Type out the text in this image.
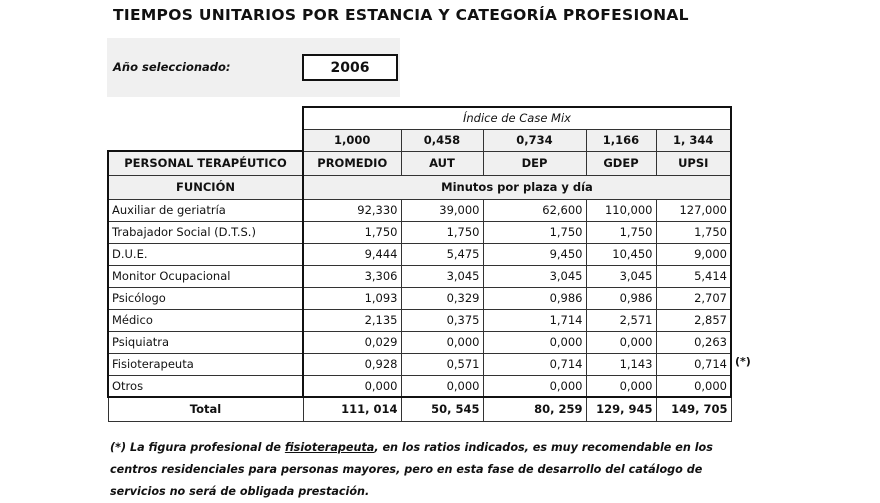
TIEMPOS UNITARIOS POR ESTANCIA Y CATEGORÍA PROFESIONAL
Año seleccionado:	2006
	Índice de Case Mix				
	1,000	0,458	0,734	1,166	1, 344
PERSONAL TERAPÉUTICO	PROMEDIO	AUT	DEP	GDEP	UPSI
FUNCIÓN	Minutos por plaza y día				
Auxiliar de geriatría	92,330	39,000	62,600	110,000	127,000
Trabajador Social (D.T.S.)	1,750	1,750	1,750	1,750	1,750
D.U.E.	9,444	5,475	9,450	10,450	9,000
Monitor Ocupacional	3,306	3,045	3,045	3,045	5,414
Psicólogo	1,093	0,329	0,986	0,986	2,707
Médico	2,135	0,375	1,714	2,571	2,857
Psiquiatra	0,029	0,000	0,000	0,000	0,263
Fisioterapeuta	0,928	0,571	0,714	1,143	0,714
Otros	0,000	0,000	0,000	0,000	0,000
Total	111, 014	50, 545	80, 259	129, 945	149, 705
(*)
(*) La figura profesional de fisioterapeuta, en los ratios indicados, es muy recomendable en los centros residenciales para personas mayores, pero en esta fase de desarrollo del catálogo de servicios no será de obligada prestación.
